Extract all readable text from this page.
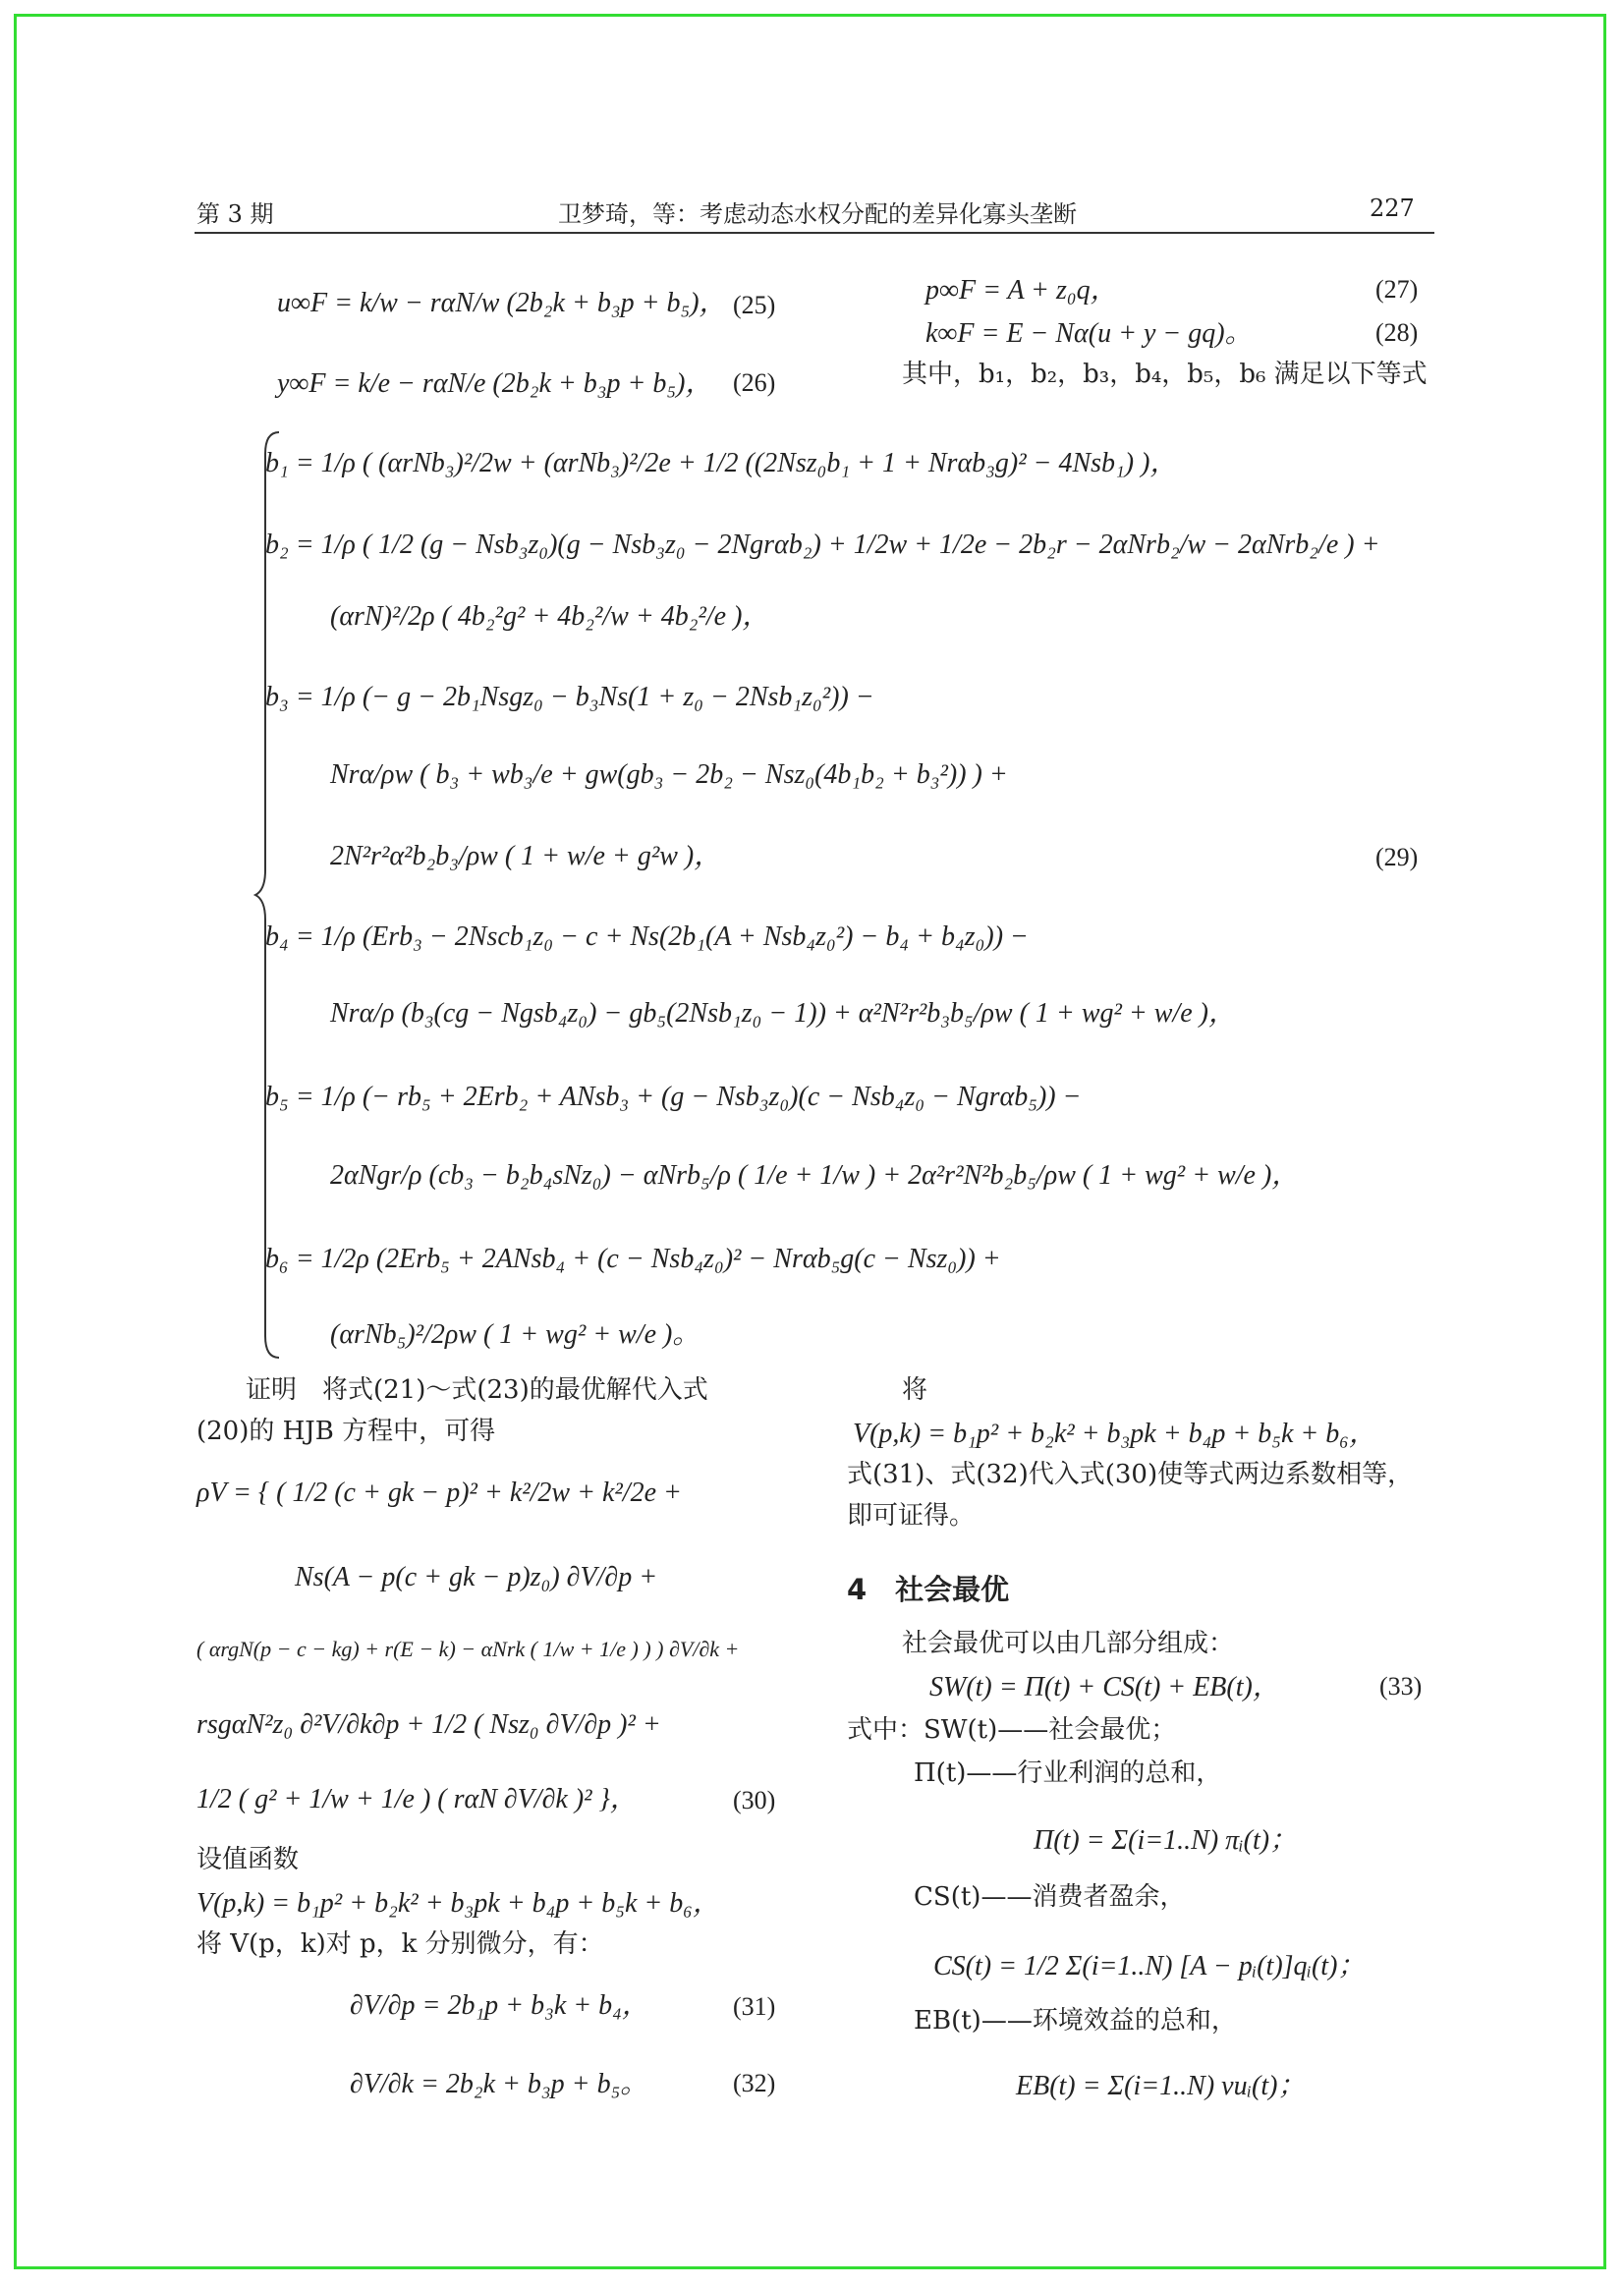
第 3 期	卫梦琦，等：考虑动态水权分配的差异化寡头垄断	227
u∞F = k/w − rαN/w (2b₂k + b₃p + b₅)， (25)
y∞F = k/e − rαN/e (2b₂k + b₃p + b₅)， (26)
p∞F = A + z₀q，	(27)
k∞F = E − Nα(u + y − gq)。	(28)
其中，b₁，b₂，b₃，b₄，b₅，b₆ 满足以下等式
b₁ = 1/ρ ( (αrNb₃)²/2w + (αrNb₃)²/2e + 1/2 ((2Nsz₀b₁ + 1 + Nrαb₃g)² − 4Nsb₁) )，
b₂ = 1/ρ ( 1/2 (g − Nsb₃z₀)(g − Nsb₃z₀ − 2Ngrαb₂) + 1/2w + 1/2e − 2b₂r − 2αNrb₂/w − 2αNrb₂/e ) +
(αrN)²/2ρ ( 4b₂²g² + 4b₂²/w + 4b₂²/e )，
b₃ = 1/ρ (− g − 2b₁Nsgz₀ − b₃Ns(1 + z₀ − 2Nsb₁z₀²)) −
Nrα/ρw ( b₃ + wb₃/e + gw(gb₃ − 2b₂ − Nsz₀(4b₁b₂ + b₃²)) ) +
2N²r²α²b₂b₃/ρw ( 1 + w/e + g²w )，	(29)
b₄ = 1/ρ (Erb₃ − 2Nscb₁z₀ − c + Ns(2b₁(A + Nsb₄z₀²) − b₄ + b₄z₀)) −
Nrα/ρ (b₃(cg − Ngsb₄z₀) − gb₅(2Nsb₁z₀ − 1)) + α²N²r²b₃b₅/ρw ( 1 + wg² + w/e )，
b₅ = 1/ρ (− rb₅ + 2Erb₂ + ANsb₃ + (g − Nsb₃z₀)(c − Nsb₄z₀ − Ngrαb₅)) −
2αNgr/ρ (cb₃ − b₂b₄sNz₀) − αNrb₅/ρ ( 1/e + 1/w ) + 2α²r²N²b₂b₅/ρw ( 1 + wg² + w/e )，
b₆ = 1/2ρ (2Erb₅ + 2ANsb₄ + (c − Nsb₄z₀)² − Nrαb₅g(c − Nsz₀)) +
(αrNb₅)²/2ρw ( 1 + wg² + w/e )。
证明　将式(21)～式(23)的最优解代入式
(20)的 HJB 方程中，可得
ρV = { ( 1/2 (c + gk − p)² + k²/2w + k²/2e +
Ns(A − p(c + gk − p)z₀) ∂V/∂p +
( αrgN(p − c − kg) + r(E − k) − αNrk ( 1/w + 1/e ) ) ) ∂V/∂k +
rsgαN²z₀ ∂²V/∂k∂p + 1/2 ( Nsz₀ ∂V/∂p )² +
1/2 ( g² + 1/w + 1/e ) ( rαN ∂V/∂k )² }，	(30)
设值函数
V(p,k) = b₁p² + b₂k² + b₃pk + b₄p + b₅k + b₆，
将 V(p，k)对 p，k 分别微分，有：
∂V/∂p = 2b₁p + b₃k + b₄，	(31)
∂V/∂k = 2b₂k + b₃p + b₅。	(32)
将
V(p,k) = b₁p² + b₂k² + b₃pk + b₄p + b₅k + b₆，
式(31)、式(32)代入式(30)使等式两边系数相等，
即可证得。
4　社会最优
社会最优可以由几部分组成：
SW(t) = Π(t) + CS(t) + EB(t)，	(33)
式中：SW(t)——社会最优；
Π(t)——行业利润的总和，
Π(t) = Σ(i=1..N) πᵢ(t)；
CS(t)——消费者盈余，
CS(t) = 1/2 Σ(i=1..N) [A − pᵢ(t)]qᵢ(t)；
EB(t)——环境效益的总和，
EB(t) = Σ(i=1..N) vuᵢ(t)；
